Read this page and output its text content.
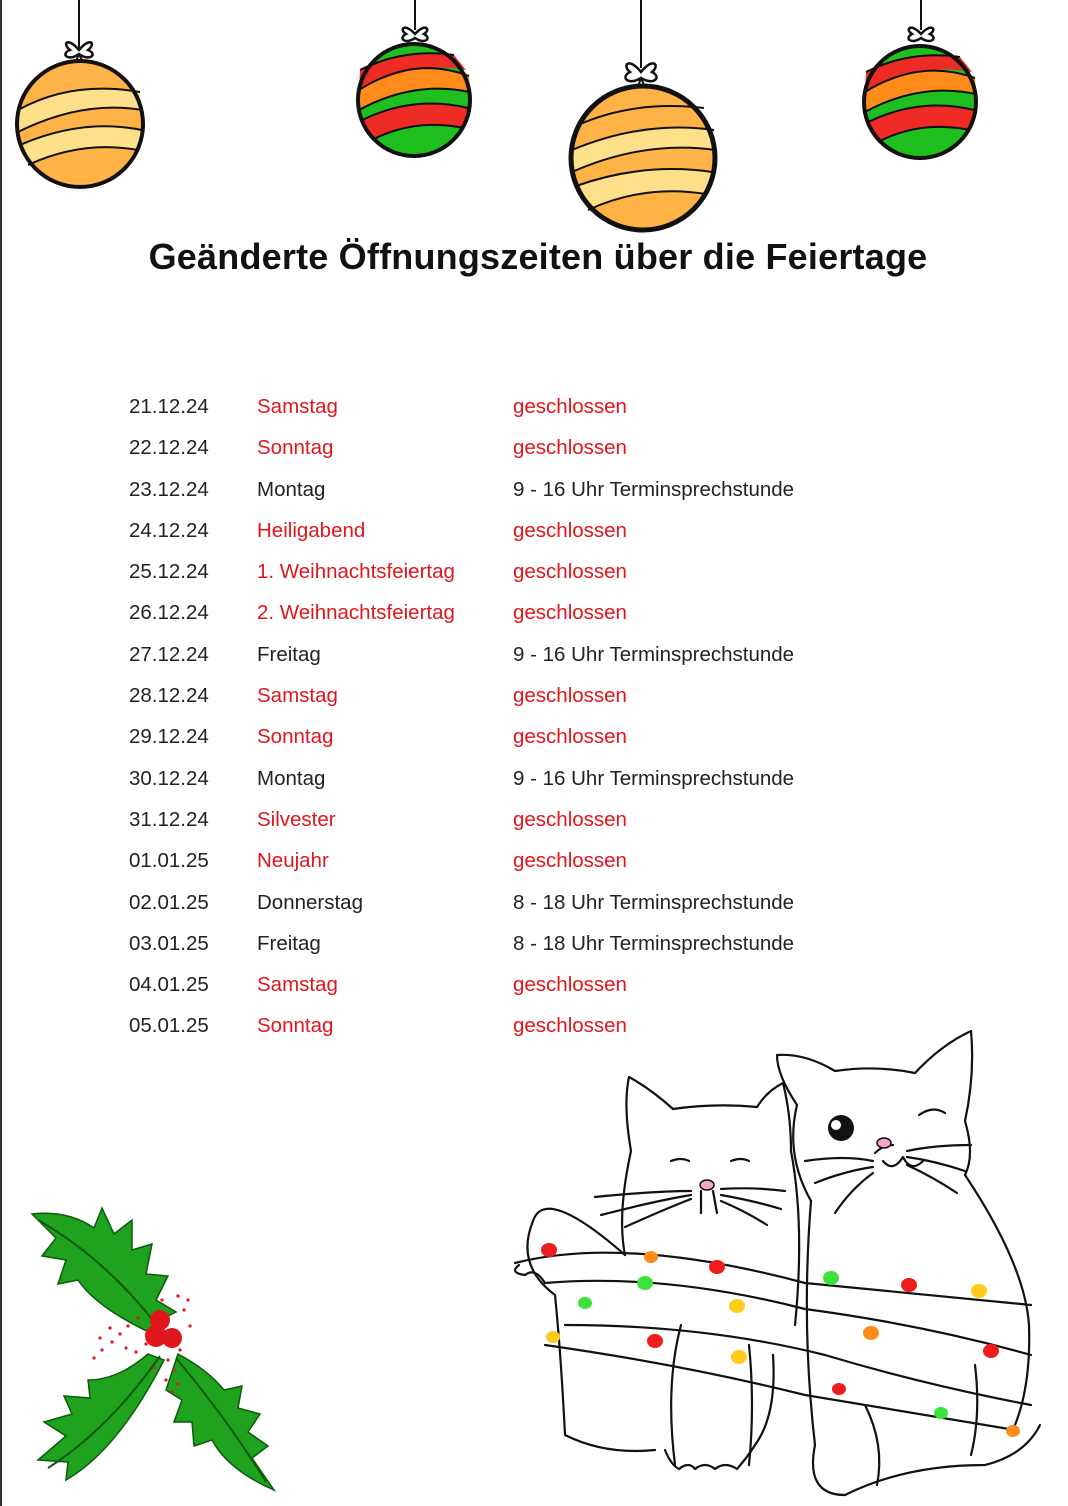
Geänderte Öffnungszeiten über die Feiertage
21.12.24 Samstag	geschlossen
22.12.24 Sonntag	geschlossen
23.12.24 Montag	9 - 16 Uhr Terminsprechstunde
24.12.24 Heiligabend	geschlossen
25.12.24 1. Weihnachtsfeiertag	geschlossen
26.12.24 2. Weihnachtsfeiertag	geschlossen
27.12.24 Freitag	9 - 16 Uhr Terminsprechstunde
28.12.24 Samstag	geschlossen
29.12.24 Sonntag	geschlossen
30.12.24 Montag	9 - 16 Uhr Terminsprechstunde
31.12.24 Silvester	geschlossen
01.01.25 Neujahr	geschlossen
02.01.25 Donnerstag	8 - 18 Uhr Terminsprechstunde
03.01.25 Freitag	8 - 18 Uhr Terminsprechstunde
04.01.25 Samstag	geschlossen
05.01.25 Sonntag	geschlossen
